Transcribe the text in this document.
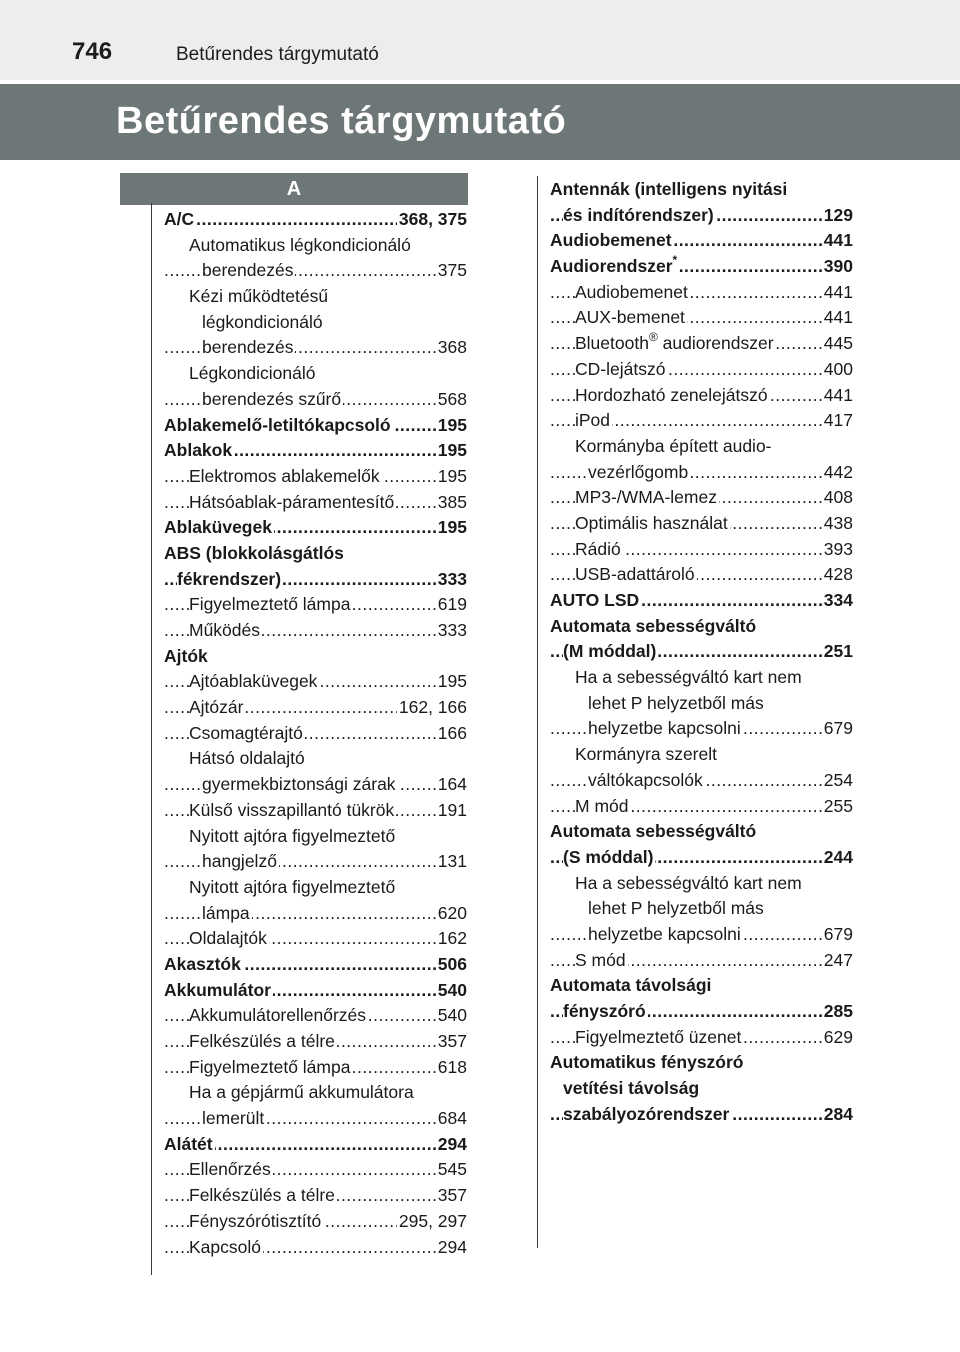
746	Betűrendes tárgymutató
Betűrendes tárgymutató
A
..... A/C	368, 375
Automatikus légkondicionáló
..... berendezés	375
Kézi működtetésű
légkondicionáló
..... berendezés	368
Légkondicionáló
..... berendezés szűrő	568
..... Ablakemelő-letiltókapcsoló	195
..... Ablakok	195
..... Elektromos ablakemelők	195
..... Hátsóablak-páramentesítő 385
..... Ablaküvegek	195
ABS (blokkolásgátlós
..... fékrendszer)	333
..... Figyelmeztető lámpa	619
..... Működés	333
Ajtók
..... Ajtóablaküvegek	195
..... Ajtózár	162, 166
..... Csomagtérajtó	166
Hátsó oldalajtó
..... gyermekbiztonsági zárak 164
..... Külső visszapillantó tükrök 191
Nyitott ajtóra figyelmeztető
..... hangjelző	131
Nyitott ajtóra figyelmeztető
..... lámpa	620
..... Oldalajtók	162
..... Akasztók	506
..... Akkumulátor	540
..... Akkumulátorellenőrzés	540
..... Felkészülés a télre	357
..... Figyelmeztető lámpa	618
Ha a gépjármű akkumulátora
..... lemerült	684
..... Alátét	294
..... Ellenőrzés	545
..... Felkészülés a télre	357
..... Fényszórótisztító	295, 297
..... Kapcsoló	294
Antennák (intelligens nyitási
..... és indítórendszer)	129
..... Audiobemenet	441
..... Audiorendszer*	390
..... Audiobemenet	441
..... AUX-bemenet	441
..... Bluetooth® audiorendszer	445
..... CD-lejátszó	400
..... Hordozható zenelejátszó	441
..... iPod	417
Kormányba épített audio-
..... vezérlőgomb	442
..... MP3-/WMA-lemez	408
..... Optimális használat	438
..... Rádió	393
..... USB-adattároló	428
..... AUTO LSD	334
Automata sebességváltó
..... (M móddal)	251
Ha a sebességváltó kart nem
lehet P helyzetből más
..... helyzetbe kapcsolni	679
Kormányra szerelt
..... váltókapcsolók	254
..... M mód	255
Automata sebességváltó
..... (S móddal)	244
Ha a sebességváltó kart nem
lehet P helyzetből más
..... helyzetbe kapcsolni	679
..... S mód	247
Automata távolsági
..... fényszóró	285
..... Figyelmeztető üzenet	629
Automatikus fényszóró
vetítési távolság
..... szabályozórendszer	284
